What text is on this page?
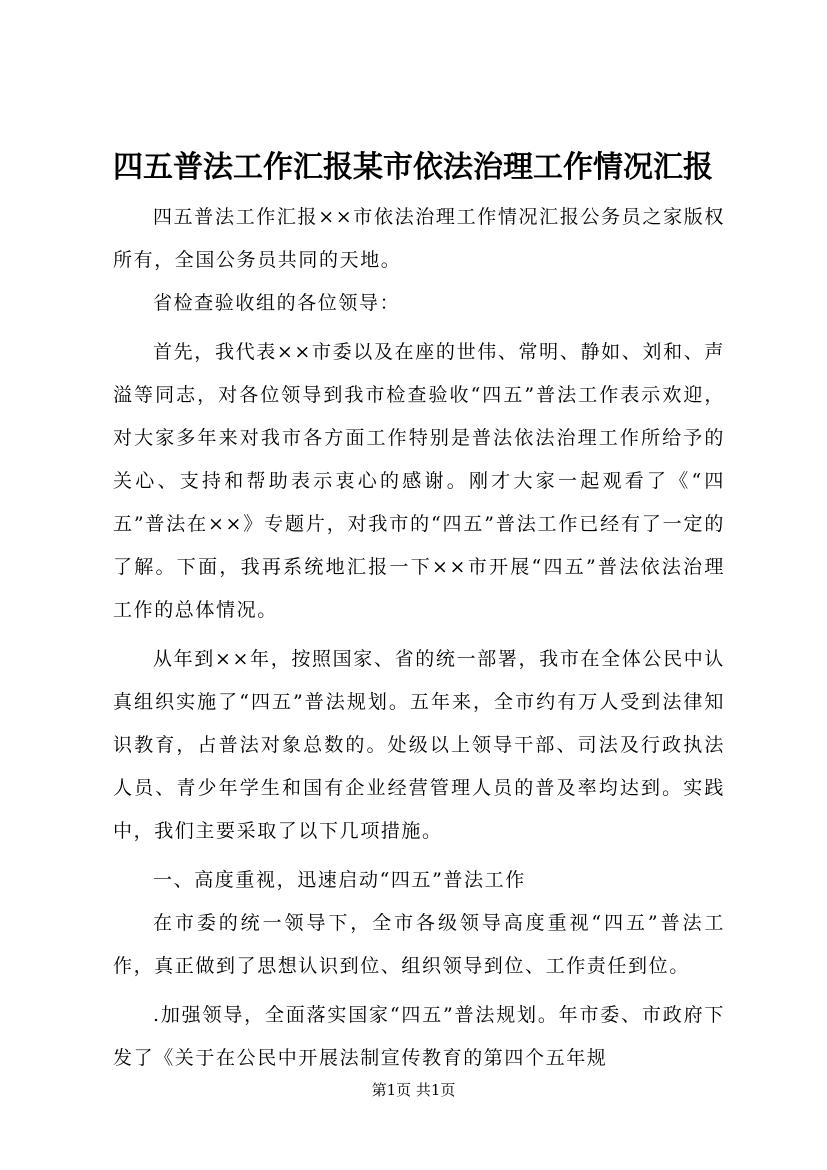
四五普法工作汇报某市依法治理工作情况汇报

四五普法工作汇报××市依法治理工作情况汇报公务员之家版权所有，全国公务员共同的天地。

省检查验收组的各位领导：

首先，我代表××市委以及在座的世伟、常明、静如、刘和、声溢等同志，对各位领导到我市检查验收“四五”普法工作表示欢迎，对大家多年来对我市各方面工作特别是普法依法治理工作所给予的关心、支持和帮助表示衷心的感谢。刚才大家一起观看了《“四五”普法在××》专题片，对我市的“四五”普法工作已经有了一定的了解。下面，我再系统地汇报一下××市开展“四五”普法依法治理工作的总体情况。

从年到××年，按照国家、省的统一部署，我市在全体公民中认真组织实施了“四五”普法规划。五年来，全市约有万人受到法律知识教育，占普法对象总数的。处级以上领导干部、司法及行政执法人员、青少年学生和国有企业经营管理人员的普及率均达到。实践中，我们主要采取了以下几项措施。

一、高度重视，迅速启动“四五”普法工作

在市委的统一领导下，全市各级领导高度重视“四五”普法工作，真正做到了思想认识到位、组织领导到位、工作责任到位。

.加强领导，全面落实国家“四五”普法规划。年市委、市政府下发了《关于在公民中开展法制宣传教育的第四个五年规

第1页 共1页
